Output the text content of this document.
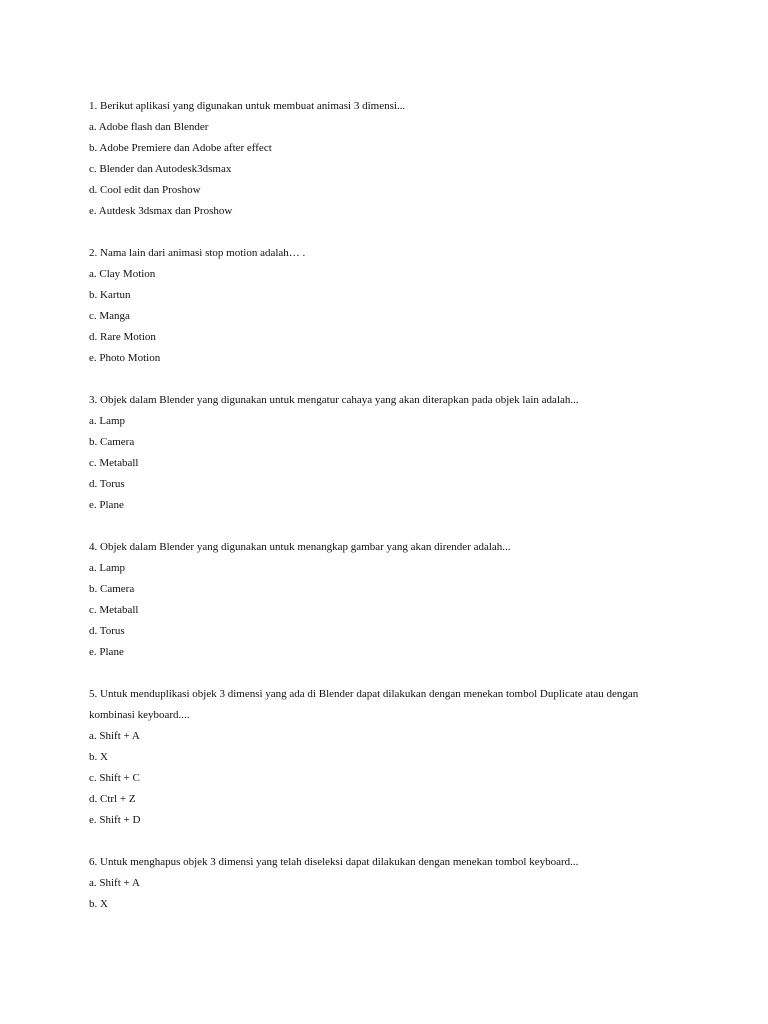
1. Berikut aplikasi yang digunakan untuk membuat animasi 3 dimensi...
a. Adobe flash dan Blender
b. Adobe Premiere dan Adobe after effect
c. Blender dan Autodesk3dsmax
d. Cool edit dan Proshow
e. Autdesk 3dsmax dan Proshow
2. Nama lain dari animasi stop motion adalah… .
a. Clay Motion
b. Kartun
c. Manga
d. Rare Motion
e. Photo Motion
3. Objek dalam Blender yang digunakan untuk mengatur cahaya yang akan diterapkan pada objek lain adalah...
a. Lamp
b. Camera
c. Metaball
d. Torus
e. Plane
4. Objek dalam Blender yang digunakan untuk menangkap gambar yang akan dirender adalah...
a. Lamp
b. Camera
c. Metaball
d. Torus
e. Plane
5. Untuk menduplikasi objek 3 dimensi yang ada di Blender dapat dilakukan dengan menekan tombol Duplicate atau dengan
kombinasi keyboard....
a. Shift + A
b. X
c. Shift + C
d. Ctrl + Z
e. Shift + D
6. Untuk menghapus objek 3 dimensi yang telah diseleksi dapat dilakukan dengan menekan tombol keyboard...
a. Shift + A
b. X
